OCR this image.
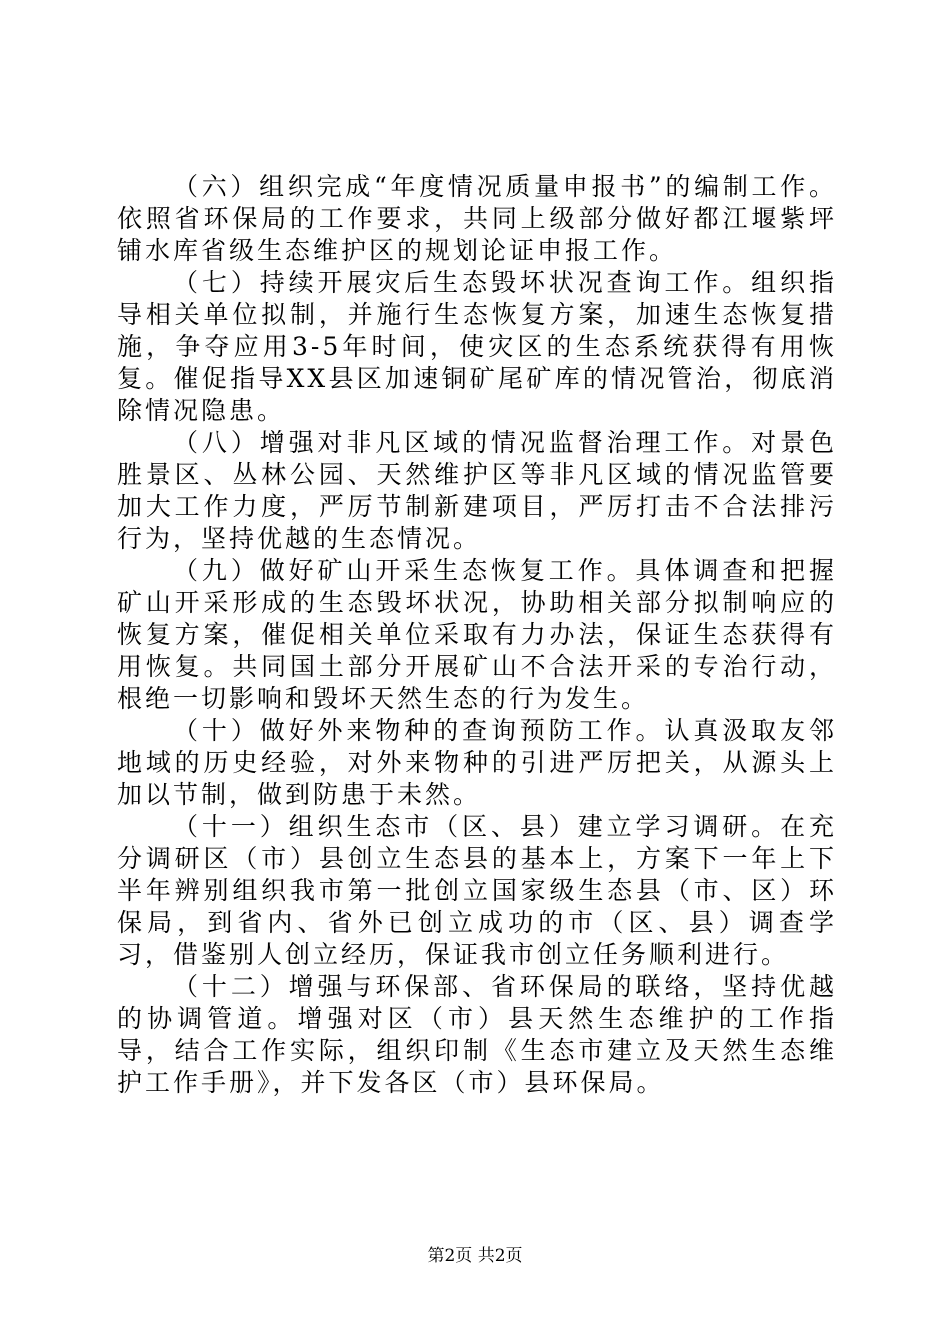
（六）组织完成“年度情况质量申报书”的编制工作。依照省环保局的工作要求，共同上级部分做好都江堰紫坪铺水库省级生态维护区的规划论证申报工作。

（七）持续开展灾后生态毁坏状况查询工作。组织指导相关单位拟制，并施行生态恢复方案，加速生态恢复措施，争夺应用3-5年时间，使灾区的生态系统获得有用恢复。催促指导XX县区加速铜矿尾矿库的情况管治，彻底消除情况隐患。

（八）增强对非凡区域的情况监督治理工作。对景色胜景区、丛林公园、天然维护区等非凡区域的情况监管要加大工作力度，严厉节制新建项目，严厉打击不合法排污行为，坚持优越的生态情况。

（九）做好矿山开采生态恢复工作。具体调查和把握矿山开采形成的生态毁坏状况，协助相关部分拟制响应的恢复方案，催促相关单位采取有力办法，保证生态获得有用恢复。共同国土部分开展矿山不合法开采的专治行动，根绝一切影响和毁坏天然生态的行为发生。

（十）做好外来物种的查询预防工作。认真汲取友邻地域的历史经验，对外来物种的引进严厉把关，从源头上加以节制，做到防患于未然。

（十一）组织生态市（区、县）建立学习调研。在充分调研区（市）县创立生态县的基本上，方案下一年上下半年辨别组织我市第一批创立国家级生态县（市、区）环保局，到省内、省外已创立成功的市（区、县）调查学习，借鉴别人创立经历，保证我市创立任务顺利进行。

（十二）增强与环保部、省环保局的联络，坚持优越的协调管道。增强对区（市）县天然生态维护的工作指导，结合工作实际，组织印制《生态市建立及天然生态维护工作手册》，并下发各区（市）县环保局。

第2页 共2页
